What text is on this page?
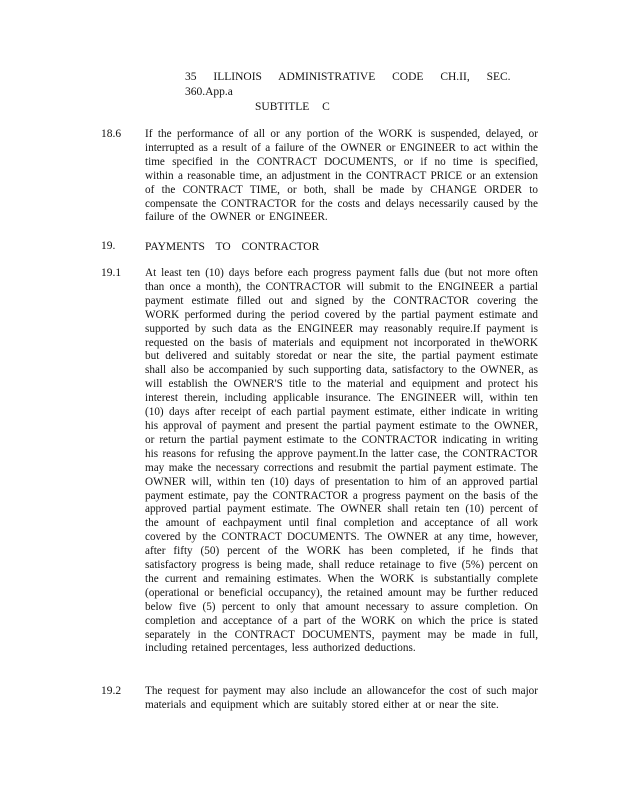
35 ILLINOIS ADMINISTRATIVE CODE CH.II, SEC. 360.App.a
SUBTITLE C
18.6 If the performance of all or any portion of the WORK is suspended, delayed, or interrupted as a result of a failure of the OWNER or ENGINEER to act within the time specified in the CONTRACT DOCUMENTS, or if no time is specified, within a reasonable time, an adjustment in the CONTRACT PRICE or an extension of the CONTRACT TIME, or both, shall be made by CHANGE ORDER to compensate the CONTRACTOR for the costs and delays necessarily caused by the failure of the OWNER or ENGINEER.
19.	PAYMENTS TO CONTRACTOR
19.1 At least ten (10) days before each progress payment falls due (but not more often than once a month), the CONTRACTOR will submit to the ENGINEER a partial payment estimate filled out and signed by the CONTRACTOR covering the WORK performed during the period covered by the partial payment estimate and supported by such data as the ENGINEER may reasonably require.If payment is requested on the basis of materials and equipment not incorporated in theWORK but delivered and suitably storedat or near the site, the partial payment estimate shall also be accompanied by such supporting data, satisfactory to the OWNER, as will establish the OWNER'S title to the material and equipment and protect his interest therein, including applicable insurance. The ENGINEER will, within ten (10) days after receipt of each partial payment estimate, either indicate in writing his approval of payment and present the partial payment estimate to the OWNER, or return the partial payment estimate to the CONTRACTOR indicating in writing his reasons for refusing the approve payment.In the latter case, the CONTRACTOR may make the necessary corrections and resubmit the partial payment estimate. The OWNER will, within ten (10) days of presentation to him of an approved partial payment estimate, pay the CONTRACTOR a progress payment on the basis of the approved partial payment estimate. The OWNER shall retain ten (10) percent of the amount of eachpayment until final completion and acceptance of all work covered by the CONTRACT DOCUMENTS. The OWNER at any time, however, after fifty (50) percent of the WORK has been completed, if he finds that satisfactory progress is being made, shall reduce retainage to five (5%) percent on the current and remaining estimates. When the WORK is substantially complete (operational or beneficial occupancy), the retained amount may be further reduced below five (5) percent to only that amount necessary to assure completion. On completion and acceptance of a part of the WORK on which the price is stated separately in the CONTRACT DOCUMENTS, payment may be made in full, including retained percentages, less authorized deductions.
19.2 The request for payment may also include an allowancefor the cost of such major materials and equipment which are suitably stored either at or near the site.
